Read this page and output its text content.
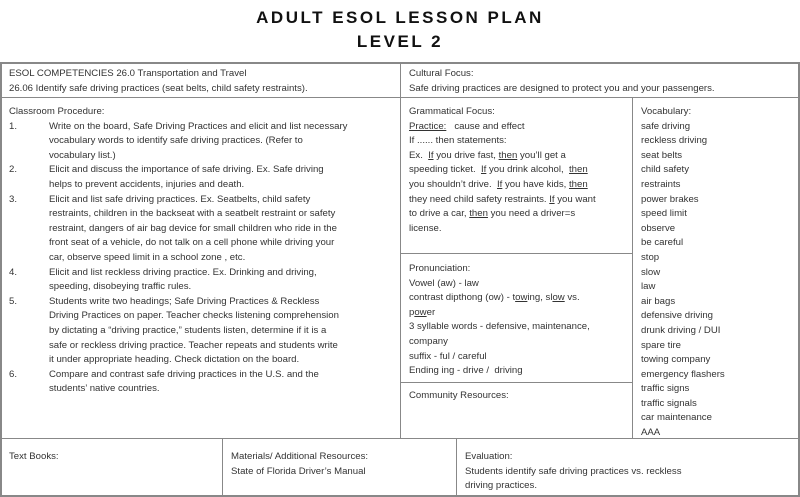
ADULT ESOL LESSON PLAN
LEVEL 2
ESOL COMPETENCIES 26.0 Transportation and Travel
26.06 Identify safe driving practices (seat belts, child safety restraints).
Cultural Focus:
Safe driving practices are designed to protect you and your passengers.
Classroom Procedure:
1.	Write on the board, Safe Driving Practices and elicit and list necessary
vocabulary words to identify safe driving practices. (Refer to
vocabulary list.)
2.	Elicit and discuss the importance of safe driving. Ex. Safe driving
helps to prevent accidents, injuries and death.
3.	Elicit and list safe driving practices. Ex. Seatbelts, child safety
restraints, children in the backseat with a seatbelt restraint or safety
restraint, dangers of air bag device for small children who ride in the
front seat of a vehicle, do not talk on a cell phone while driving your
car, observe speed limit in a school zone , etc.
4.	Elicit and list reckless driving practice. Ex. Drinking and driving,
speeding, disobeying traffic rules.
5.	Students write two headings; Safe Driving Practices & Reckless
Driving Practices on paper. Teacher checks listening comprehension
by dictating a “driving practice,” students listen, determine if it is a
safe or reckless driving practice. Teacher repeats and students write
it under appropriate heading. Check dictation on the board.
6.	Compare and contrast safe driving practices in the U.S. and the
students’ native countries.
Grammatical Focus:
Practice:   cause and effect
If ...... then statements:
Ex.  If you drive fast, then you’ll get a
speeding ticket.  If you drink alcohol,  then
you shouldn’t drive.  If you have kids, then
they need child safety restraints. If you want
to drive a car, then you need a driver=s
license.
Pronunciation:
Vowel (aw) - law
contrast dipthong (ow) - towing, slow vs.
power
3 syllable words - defensive, maintenance,
company
suffix - ful / careful
Ending ing - drive /  driving
Community Resources:
Vocabulary:
safe driving
reckless driving
seat belts
child safety
restraints
power brakes
speed limit
observe
be careful
stop
slow
law
air bags
defensive driving
drunk driving / DUI
spare tire
towing company
emergency flashers
traffic signs
traffic signals
car maintenance
AAA
Text Books:	Materials/ Additional Resources:
State of Florida Driver’s Manual
Evaluation:
Students identify safe driving practices vs. reckless
driving practices.
